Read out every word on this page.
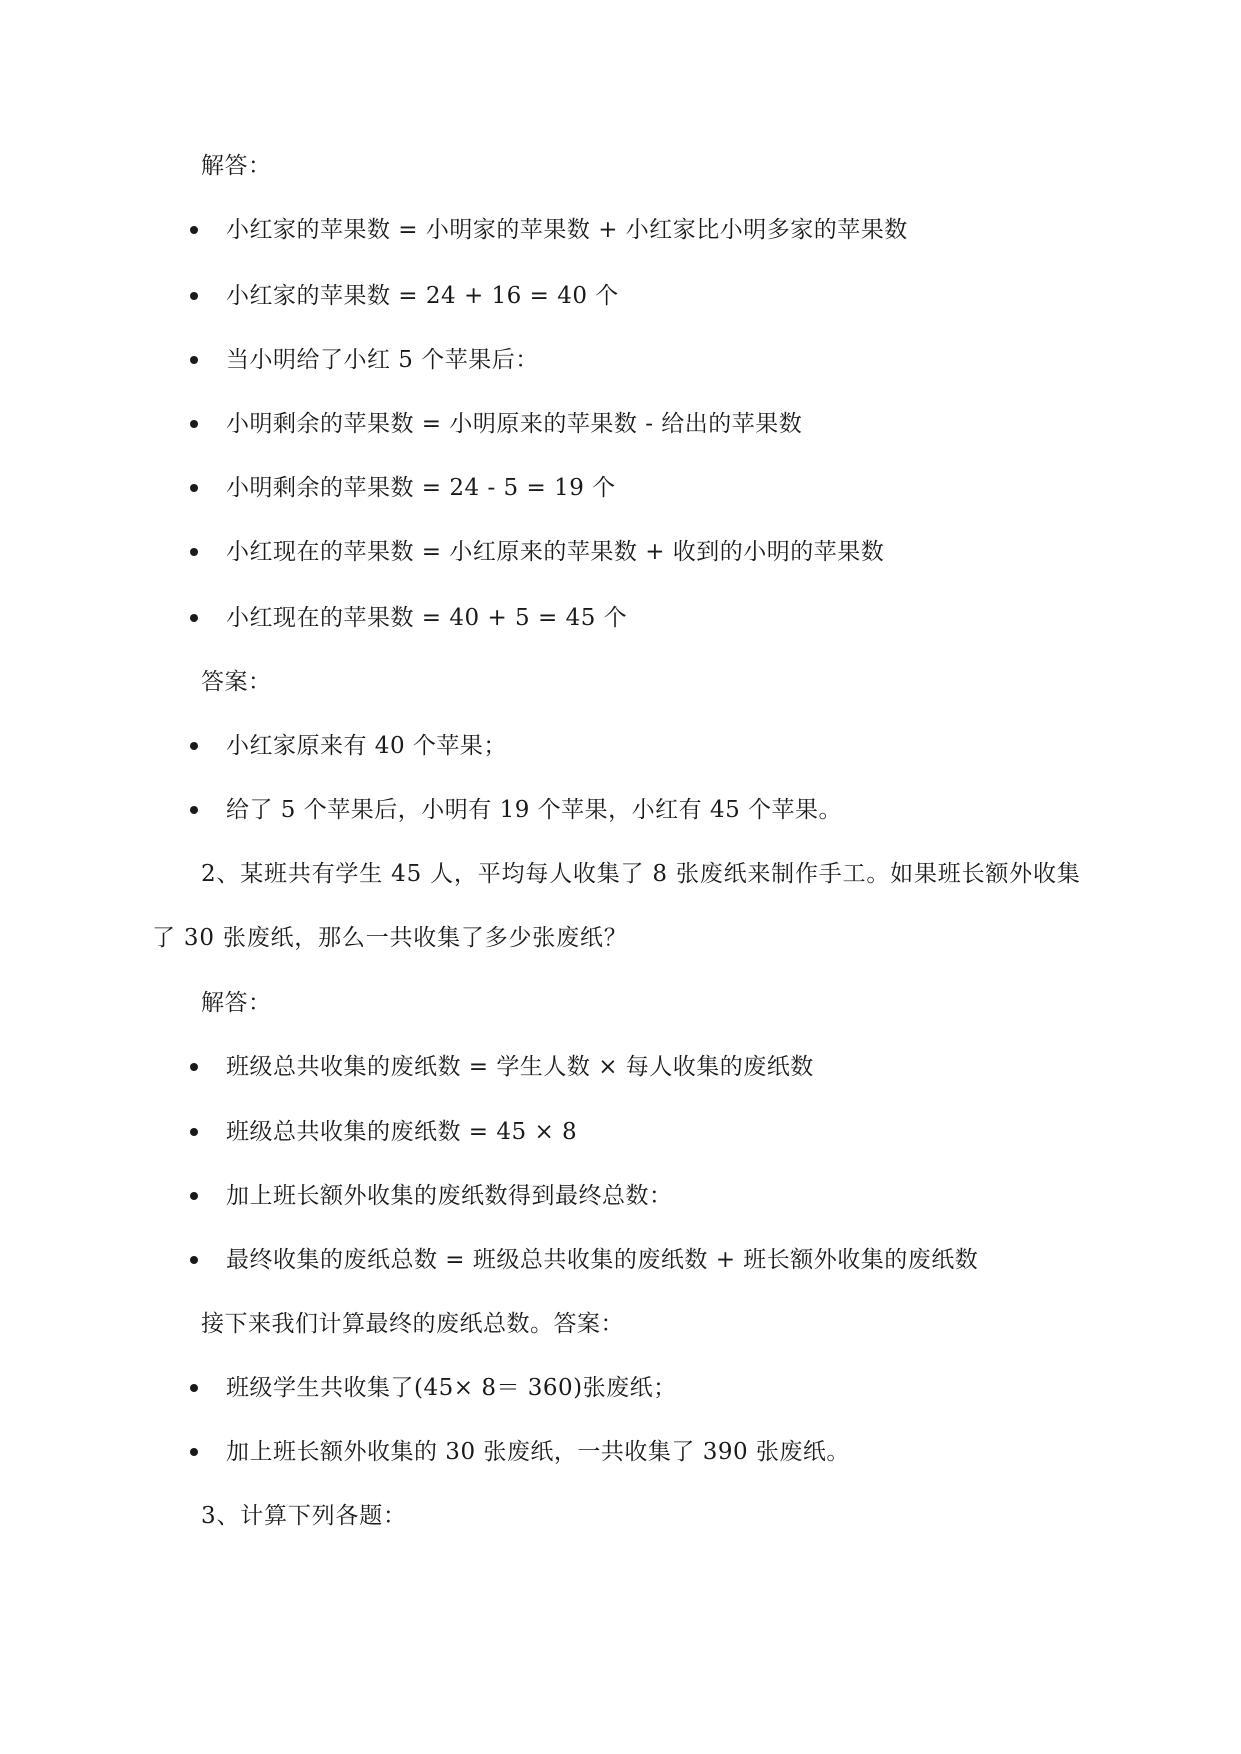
解答：
小红家的苹果数 = 小明家的苹果数 + 小红家比小明多家的苹果数
小红家的苹果数 = 24 + 16 = 40 个
当小明给了小红 5 个苹果后：
小明剩余的苹果数 = 小明原来的苹果数 - 给出的苹果数
小明剩余的苹果数 = 24 - 5 = 19 个
小红现在的苹果数 = 小红原来的苹果数 + 收到的小明的苹果数
小红现在的苹果数 = 40 + 5 = 45 个
答案：
小红家原来有 40 个苹果；
给了 5 个苹果后，小明有 19 个苹果，小红有 45 个苹果。
2、某班共有学生 45 人，平均每人收集了 8 张废纸来制作手工。如果班长额外收集
了 30 张废纸，那么一共收集了多少张废纸？
解答：
班级总共收集的废纸数 = 学生人数 × 每人收集的废纸数
班级总共收集的废纸数 = 45 × 8
加上班长额外收集的废纸数得到最终总数：
最终收集的废纸总数 = 班级总共收集的废纸数 + 班长额外收集的废纸数
接下来我们计算最终的废纸总数。答案：
班级学生共收集了(45× 8＝ 360)张废纸；
加上班长额外收集的 30 张废纸，一共收集了 390 张废纸。
3、计算下列各题：
